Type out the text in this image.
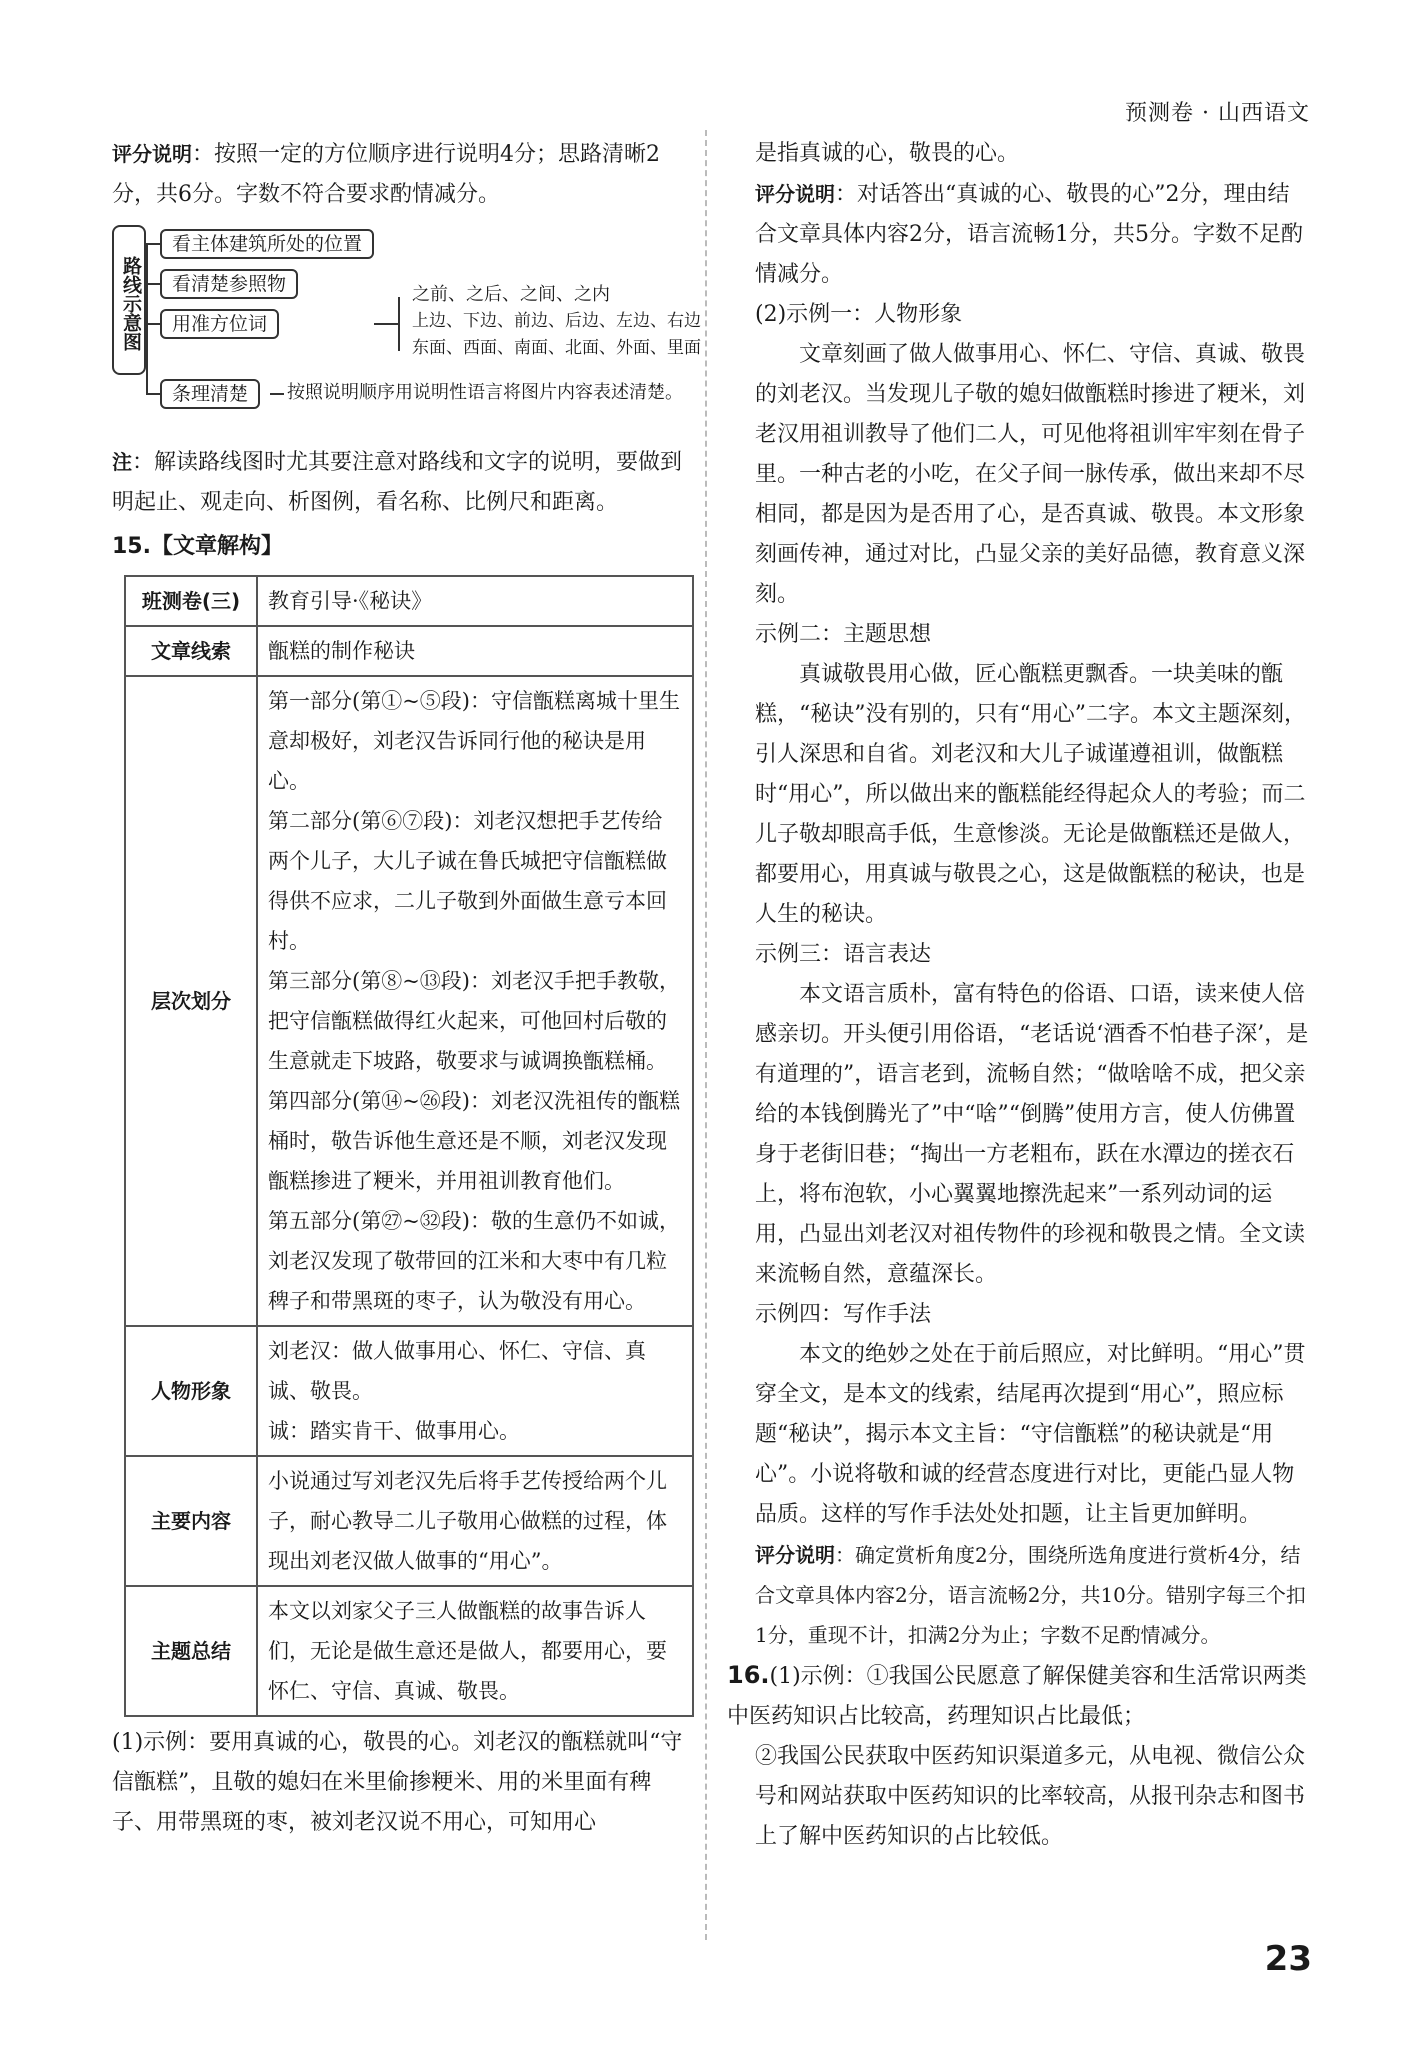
预测卷 · 山西语文

评分说明：按照一定的方位顺序进行说明4分；思路清晰2分，共6分。字数不符合要求酌情减分。

路线示意图
看主体建筑所处的位置
看清楚参照物
用准方位词
条理清楚
之前、之后、之间、之内
上边、下边、前边、后边、左边、右边
东面、西面、南面、北面、外面、里面
按照说明顺序用说明性语言将图片内容表述清楚。

注：解读路线图时尤其要注意对路线和文字的说明，要做到明起止、观走向、析图例，看名称、比例尺和距离。

15.【文章解构】
班测卷(三)	教育引导·《秘诀》
文章线索	甑糕的制作秘诀
层次划分	第一部分(第①~⑤段)：守信甑糕离城十里生意却极好，刘老汉告诉同行他的秘诀是用心。

第二部分(第⑥⑦段)：刘老汉想把手艺传给两个儿子，大儿子诚在鲁氏城把守信甑糕做得供不应求，二儿子敬到外面做生意亏本回村。

第三部分(第⑧~⑬段)：刘老汉手把手教敬，把守信甑糕做得红火起来，可他回村后敬的生意就走下坡路，敬要求与诚调换甑糕桶。

第四部分(第⑭~㉖段)：刘老汉洗祖传的甑糕桶时，敬告诉他生意还是不顺，刘老汉发现甑糕掺进了粳米，并用祖训教育他们。

第五部分(第㉗~㉜段)：敬的生意仍不如诚，刘老汉发现了敬带回的江米和大枣中有几粒稗子和带黑斑的枣子，认为敬没有用心。

人物形象	刘老汉：做人做事用心、怀仁、守信、真诚、敬畏。

诚：踏实肯干、做事用心。

主要内容	小说通过写刘老汉先后将手艺传授给两个儿子，耐心教导二儿子敬用心做糕的过程，体现出刘老汉做人做事的“用心”。
主题总结	本文以刘家父子三人做甑糕的故事告诉人们，无论是做生意还是做人，都要用心，要怀仁、守信、真诚、敬畏。

(1)示例：要用真诚的心，敬畏的心。刘老汉的甑糕就叫“守信甑糕”，且敬的媳妇在米里偷掺粳米、用的米里面有稗子、用带黑斑的枣，被刘老汉说不用心，可知用心

是指真诚的心，敬畏的心。

评分说明：对话答出“真诚的心、敬畏的心”2分，理由结合文章具体内容2分，语言流畅1分，共5分。字数不足酌情减分。

(2)示例一：人物形象

文章刻画了做人做事用心、怀仁、守信、真诚、敬畏的刘老汉。当发现儿子敬的媳妇做甑糕时掺进了粳米，刘老汉用祖训教导了他们二人，可见他将祖训牢牢刻在骨子里。一种古老的小吃，在父子间一脉传承，做出来却不尽相同，都是因为是否用了心，是否真诚、敬畏。本文形象刻画传神，通过对比，凸显父亲的美好品德，教育意义深刻。

示例二：主题思想

真诚敬畏用心做，匠心甑糕更飘香。一块美味的甑糕，“秘诀”没有别的，只有“用心”二字。本文主题深刻，引人深思和自省。刘老汉和大儿子诚谨遵祖训，做甑糕时“用心”，所以做出来的甑糕能经得起众人的考验；而二儿子敬却眼高手低，生意惨淡。无论是做甑糕还是做人，都要用心，用真诚与敬畏之心，这是做甑糕的秘诀，也是人生的秘诀。

示例三：语言表达

本文语言质朴，富有特色的俗语、口语，读来使人倍感亲切。开头便引用俗语，“老话说‘酒香不怕巷子深’，是有道理的”，语言老到，流畅自然；“做啥啥不成，把父亲给的本钱倒腾光了”中“啥”“倒腾”使用方言，使人仿佛置身于老街旧巷；“掏出一方老粗布，跃在水潭边的搓衣石上，将布泡软，小心翼翼地擦洗起来”一系列动词的运用，凸显出刘老汉对祖传物件的珍视和敬畏之情。全文读来流畅自然，意蕴深长。

示例四：写作手法

本文的绝妙之处在于前后照应，对比鲜明。“用心”贯穿全文，是本文的线索，结尾再次提到“用心”，照应标题“秘诀”，揭示本文主旨：“守信甑糕”的秘诀就是“用心”。小说将敬和诚的经营态度进行对比，更能凸显人物品质。这样的写作手法处处扣题，让主旨更加鲜明。

评分说明：确定赏析角度2分，围绕所选角度进行赏析4分，结合文章具体内容2分，语言流畅2分，共10分。错别字每三个扣1分，重现不计，扣满2分为止；字数不足酌情减分。

16.(1)示例：①我国公民愿意了解保健美容和生活常识两类中医药知识占比较高，药理知识占比最低；

②我国公民获取中医药知识渠道多元，从电视、微信公众号和网站获取中医药知识的比率较高，从报刊杂志和图书上了解中医药知识的占比较低。

23
